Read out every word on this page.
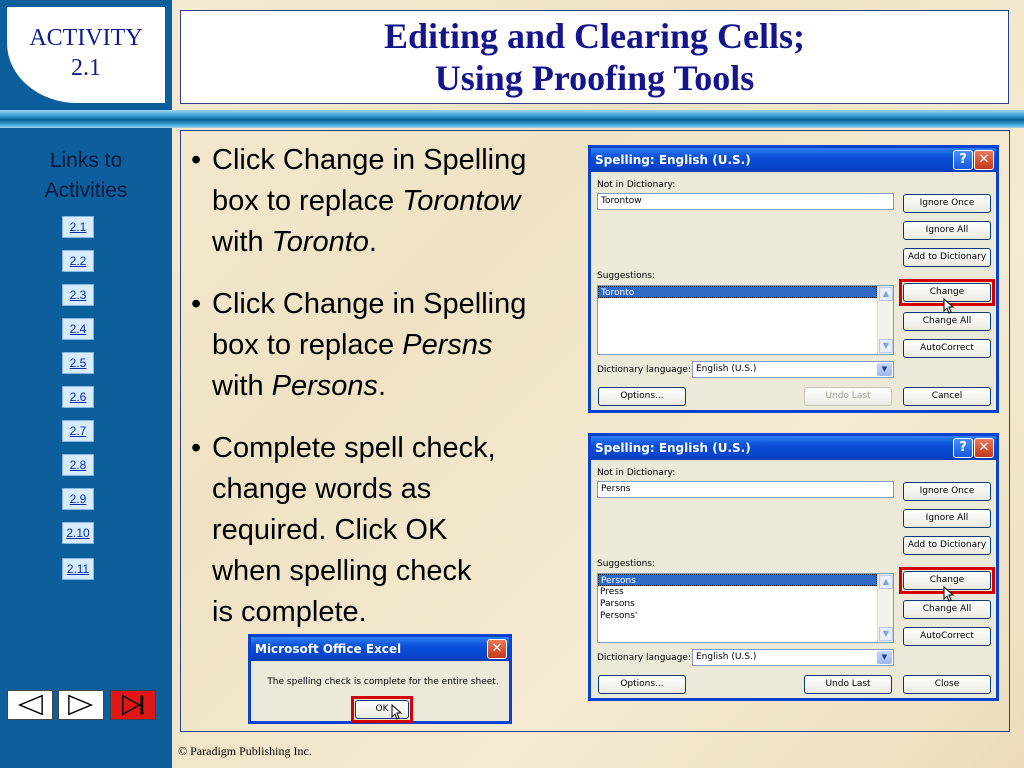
ACTIVITY
2.1
Links to
Activities
2.1
2.2
2.3
2.4
2.5
2.6
2.7
2.8
2.9
2.10
2.11
Editing and Clearing Cells;
Using Proofing Tools
• Click Change in Spelling
box to replace Torontow
with Toronto.
• Click Change in Spelling
box to replace Persns
with Persons.
• Complete spell check,
change words as
required. Click OK
when spelling check
is complete.
Spelling: English (U.S.)	? ✕
Not in Dictionary:
Torontow	Ignore Once
Ignore All
Add to Dictionary
Suggestions:
Toronto	▲
▼
Change
Change All
AutoCorrect
Dictionary language: English (U.S.)	▼
Options...	Undo Last	Cancel
Spelling: English (U.S.)	? ✕
Not in Dictionary:
Persns	Ignore Once
Ignore All
Add to Dictionary
Suggestions:
Persons
Press
Parsons
Persons'
▲
▼
Change
Change All
AutoCorrect
Dictionary language: English (U.S.)	▼
Options...	Undo Last	Close
Microsoft Office Excel	✕
The spelling check is complete for the entire sheet.
OK
© Paradigm Publishing Inc.
